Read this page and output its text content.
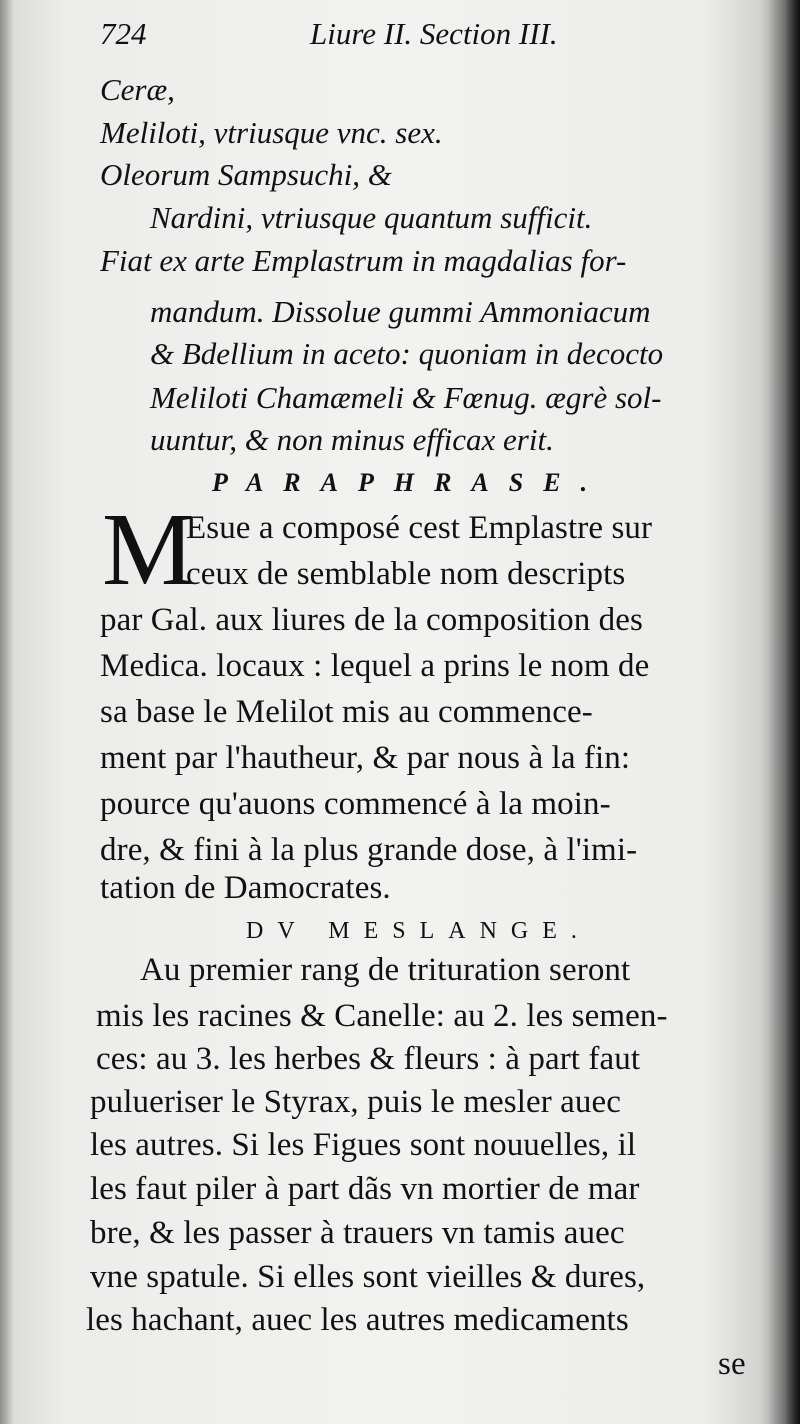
724	Liure II. Section III.
Ceræ,
Meliloti, vtriusque vnc. sex.
Oleorum Sampsuchi, &
Nardini, vtriusque quantum sufficit.
Fiat ex arte Emplastrum in magdalias for-
mandum. Dissolue gummi Ammoniacum
& Bdellium in aceto: quoniam in decocto
Meliloti Chamæmeli & Fœnug. ægrè sol-
uuntur, & non minus efficax erit.
PARAPHRASE.
M
Esue a composé cest Emplastre sur
ceux de semblable nom descripts
par Gal. aux liures de la composition des
Medica. locaux : lequel a prins le nom de
sa base le Melilot mis au commence-
ment par l'hautheur, & par nous à la fin:
pource qu'auons commencé à la moin-
dre, & fini à la plus grande dose, à l'imi-
tation de Damocrates.
DV MESLANGE.
Au premier rang de trituration seront
mis les racines & Canelle: au 2. les semen-
ces: au 3. les herbes & fleurs : à part faut
pulueriser le Styrax, puis le mesler auec
les autres. Si les Figues sont nouuelles, il
les faut piler à part dãs vn mortier de mar
bre, & les passer à trauers vn tamis auec
vne spatule. Si elles sont vieilles & dures,
les hachant, auec les autres medicaments
se
